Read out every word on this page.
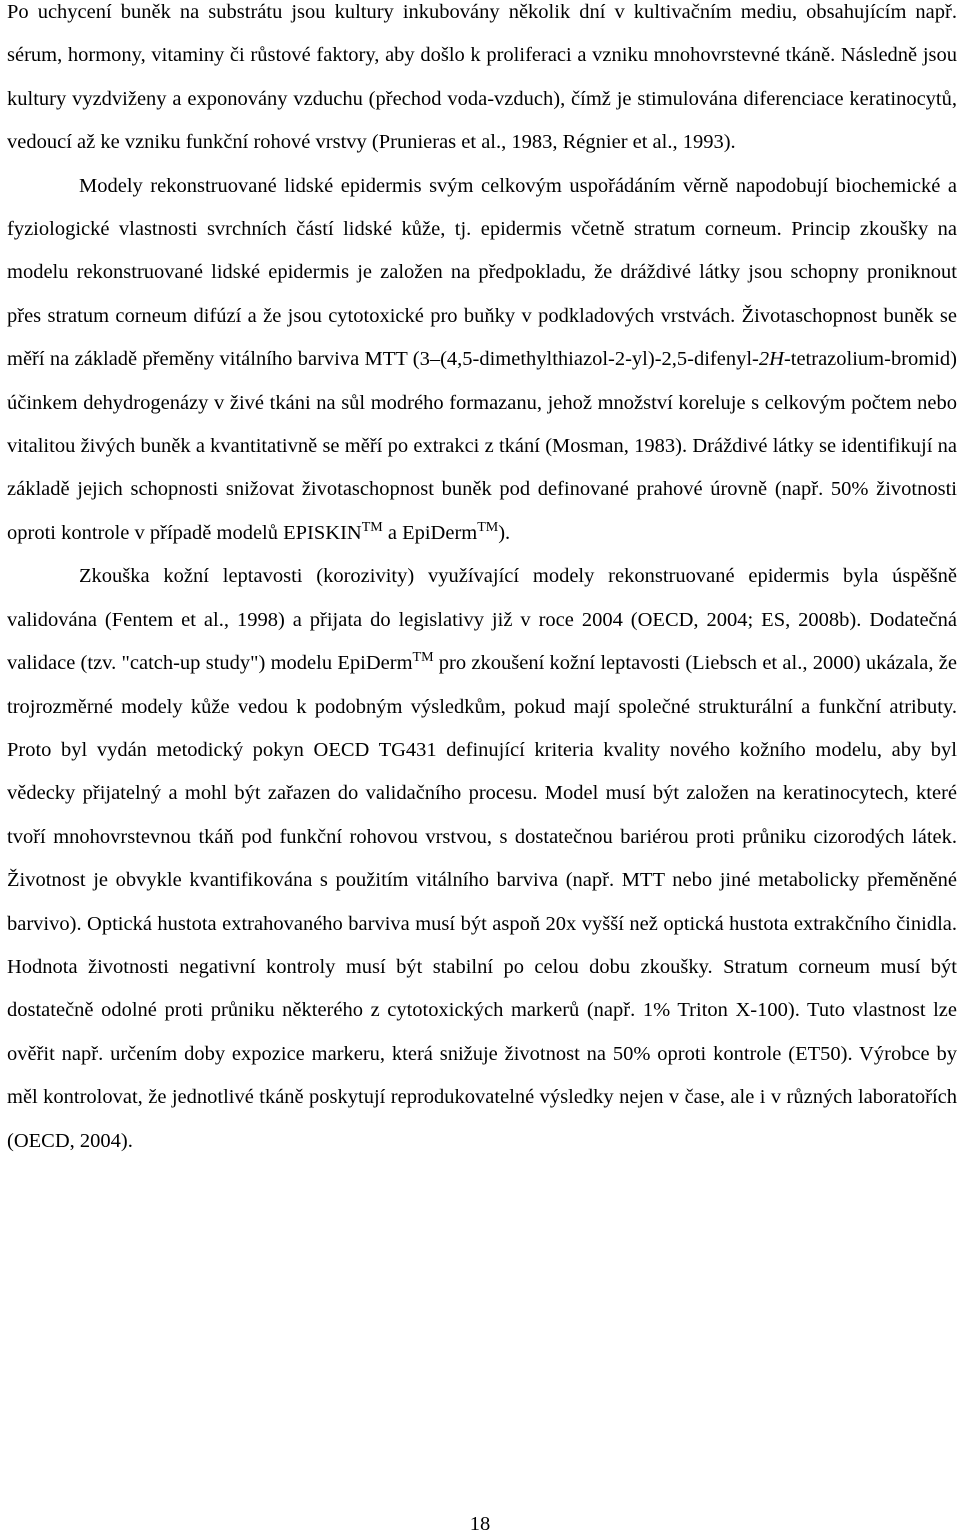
Po uchycení buněk na substrátu jsou kultury inkubovány několik dní v kultivačním mediu, obsahujícím např. sérum, hormony, vitaminy či růstové faktory, aby došlo k proliferaci a vzniku mnohovrstevné tkáně. Následně jsou kultury vyzdviženy a exponovány vzduchu (přechod voda-vzduch), čímž je stimulována diferenciace keratinocytů, vedoucí až ke vzniku funkční rohové vrstvy (Prunieras et al., 1983, Régnier et al., 1993).

Modely rekonstruované lidské epidermis svým celkovým uspořádáním věrně napodobují biochemické a fyziologické vlastnosti svrchních částí lidské kůže, tj. epidermis včetně stratum corneum. Princip zkoušky na modelu rekonstruované lidské epidermis je založen na předpokladu, že dráždivé látky jsou schopny proniknout přes stratum corneum difúzí a že jsou cytotoxické pro buňky v podkladových vrstvách. Životaschopnost buněk se měří na základě přeměny vitálního barviva MTT (3–(4,5-dimethylthiazol-2-yl)-2,5-difenyl-2H-tetrazolium-bromid) účinkem dehydrogenázy v živé tkáni na sůl modrého formazanu, jehož množství koreluje s celkovým počtem nebo vitalitou živých buněk a kvantitativně se měří po extrakci z tkání (Mosman, 1983). Dráždivé látky se identifikují na základě jejich schopnosti snižovat životaschopnost buněk pod definované prahové úrovně (např. 50% životnosti oproti kontrole v případě modelů EPISKIN™ a EpiDerm™).

Zkouška kožní leptavosti (korozivity) využívající modely rekonstruované epidermis byla úspěšně validována (Fentem et al., 1998) a přijata do legislativy již v roce 2004 (OECD, 2004; ES, 2008b). Dodatečná validace (tzv. "catch-up study") modelu EpiDerm™ pro zkoušení kožní leptavosti (Liebsch et al., 2000) ukázala, že trojrozměrné modely kůže vedou k podobným výsledkům, pokud mají společné strukturální a funkční atributy. Proto byl vydán metodický pokyn OECD TG431 definující kriteria kvality nového kožního modelu, aby byl vědecky přijatelný a mohl být zařazen do validačního procesu. Model musí být založen na keratinocytech, které tvoří mnohovrstevnou tkáň pod funkční rohovou vrstvou, s dostatečnou bariérou proti průniku cizorodých látek. Životnost je obvykle kvantifikována s použitím vitálního barviva (např. MTT nebo jiné metabolicky přeměněné barvivo). Optická hustota extrahovaného barviva musí být aspoň 20x vyšší než optická hustota extrakčního činidla. Hodnota životnosti negativní kontroly musí být stabilní po celou dobu zkoušky. Stratum corneum musí být dostatečně odolné proti průniku některého z cytotoxických markerů (např. 1% Triton X-100). Tuto vlastnost lze ověřit např. určením doby expozice markeru, která snižuje životnost na 50% oproti kontrole (ET50). Výrobce by měl kontrolovat, že jednotlivé tkáně poskytují reprodukovatelné výsledky nejen v čase, ale i v různých laboratořích (OECD, 2004).

18
